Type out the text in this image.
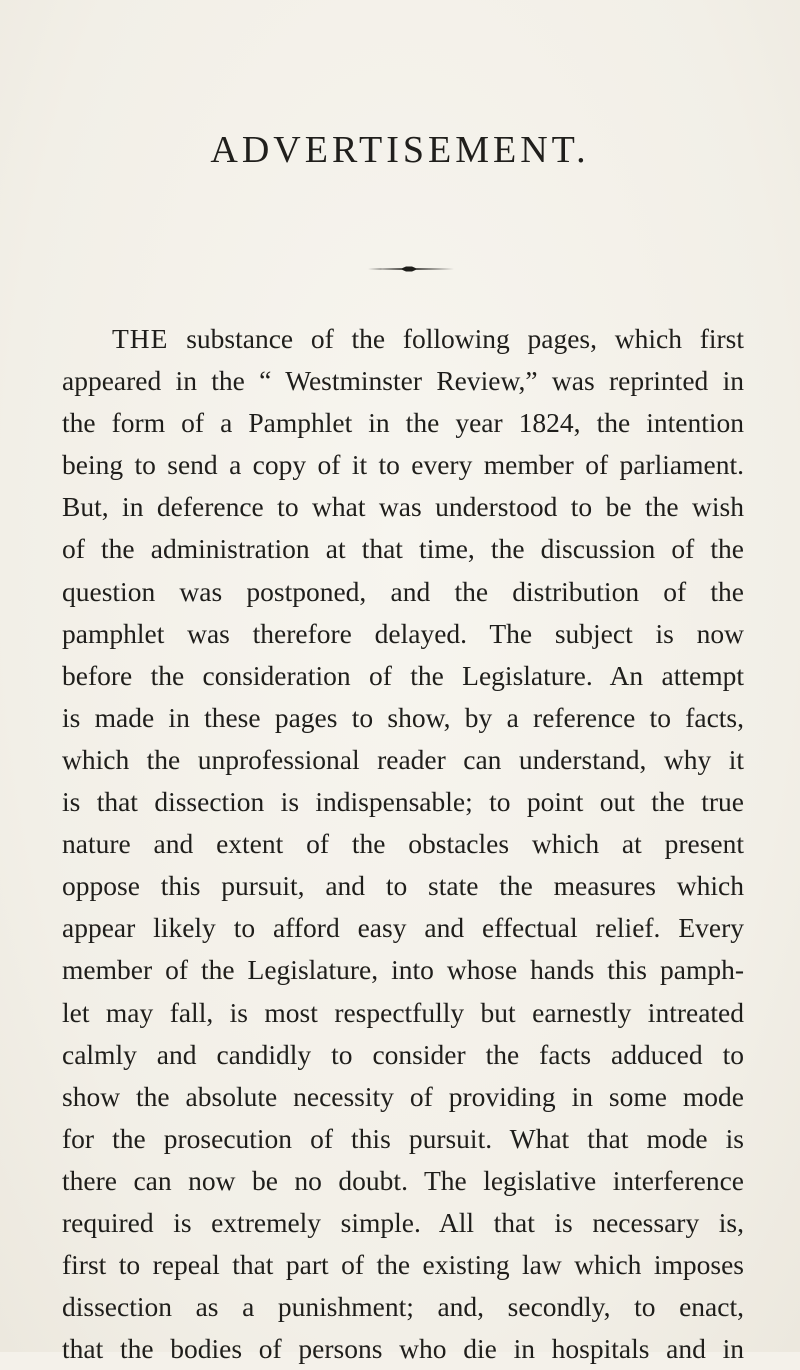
ADVERTISEMENT.

THE substance of the following pages, which first
appeared in the “ Westminster Review,” was reprinted in
the form of a Pamphlet in the year 1824, the intention
being to send a copy of it to every member of parliament.
But, in deference to what was understood to be the wish
of the administration at that time, the discussion of the
question was postponed, and the distribution of the
pamphlet was therefore delayed. The subject is now
before the consideration of the Legislature. An attempt
is made in these pages to show, by a reference to facts,
which the unprofessional reader can understand, why it
is that dissection is indispensable; to point out the true
nature and extent of the obstacles which at present
oppose this pursuit, and to state the measures which
appear likely to afford easy and effectual relief. Every
member of the Legislature, into whose hands this pamph-
let may fall, is most respectfully but earnestly intreated
calmly and candidly to consider the facts adduced to
show the absolute necessity of providing in some mode
for the prosecution of this pursuit. What that mode is
there can now be no doubt. The legislative interference
required is extremely simple. All that is necessary is,
first to repeal that part of the existing law which imposes
dissection as a punishment; and, secondly, to enact,
that the bodies of persons who die in hospitals and in
